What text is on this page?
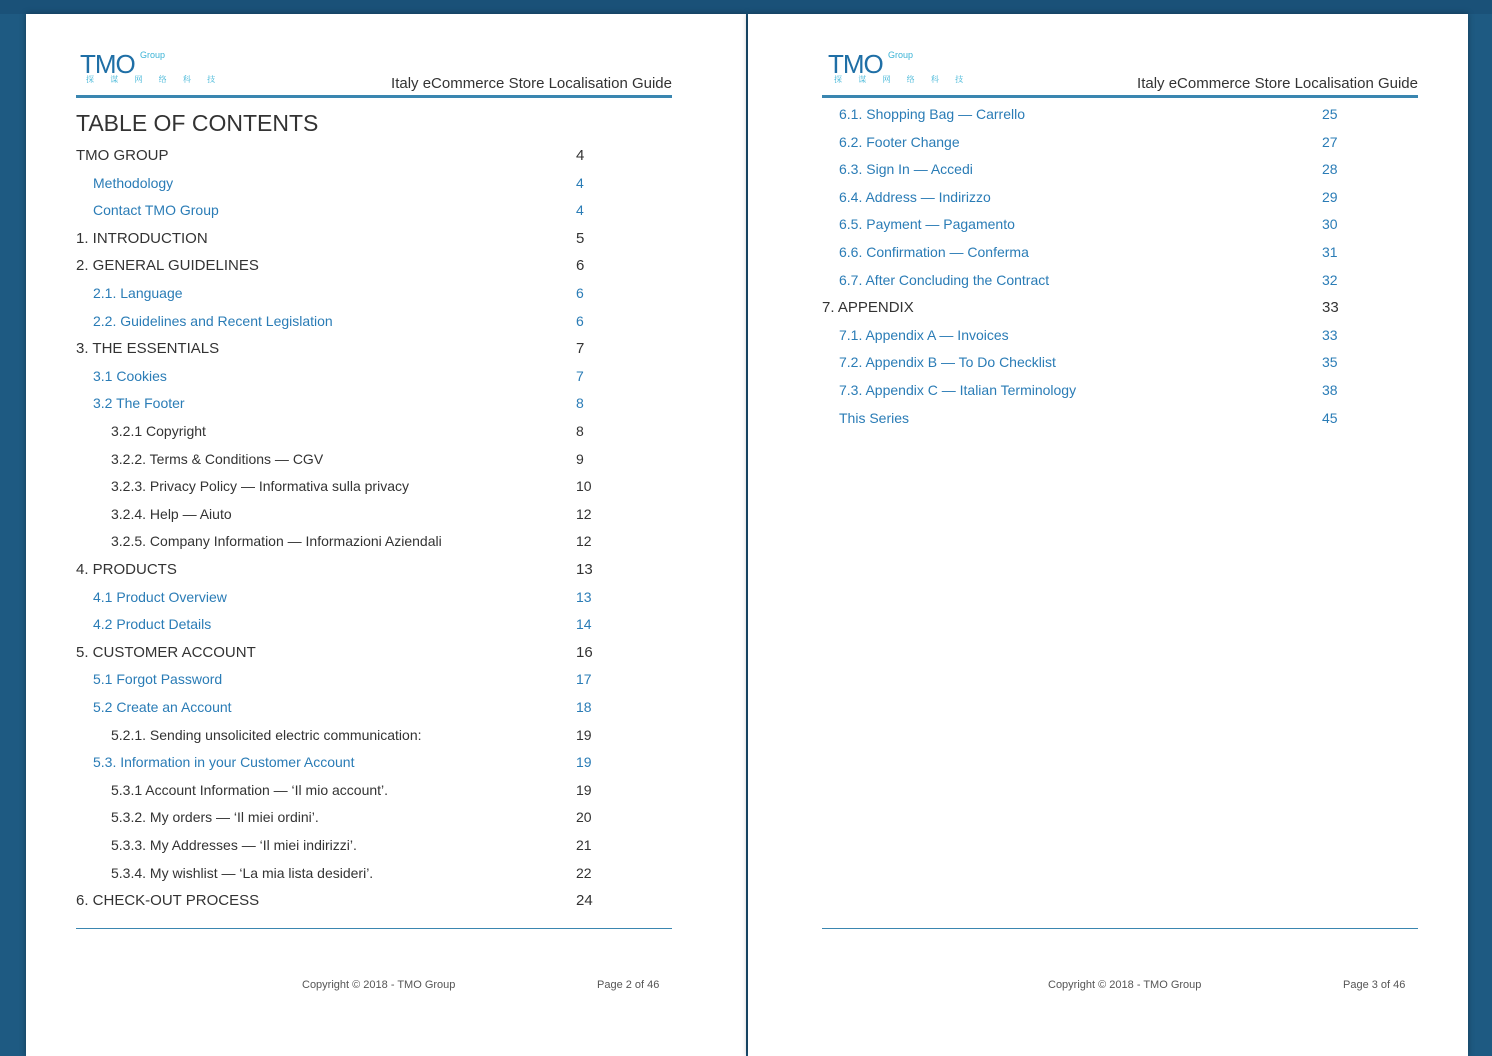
TMO Group
探 谋 网 络 科 技	Italy eCommerce Store Localisation Guide
TABLE OF CONTENTS
TMO GROUP	4
Methodology	4
Contact TMO Group	4
1. INTRODUCTION	5
2. GENERAL GUIDELINES	6
2.1. Language	6
2.2. Guidelines and Recent Legislation	6
3. THE ESSENTIALS	7
3.1 Cookies	7
3.2 The Footer	8
3.2.1 Copyright	8
3.2.2. Terms & Conditions — CGV	9
3.2.3. Privacy Policy — Informativa sulla privacy	10
3.2.4. Help — Aiuto	12
3.2.5. Company Information — Informazioni Aziendali	12
4. PRODUCTS	13
4.1 Product Overview	13
4.2 Product Details	14
5. CUSTOMER ACCOUNT	16
5.1 Forgot Password	17
5.2 Create an Account	18
5.2.1. Sending unsolicited electric communication:	19
5.3. Information in your Customer Account	19
5.3.1 Account Information — ‘Il mio account’.	19
5.3.2. My orders — ‘Il miei ordini’.	20
5.3.3. My Addresses — ‘Il miei indirizzi’.	21
5.3.4. My wishlist — ‘La mia lista desideri’.	22
6. CHECK-OUT PROCESS	24
Copyright © 2018 - TMO Group	Page 2 of 46
TMO Group
探 谋 网 络 科 技	Italy eCommerce Store Localisation Guide
6.1. Shopping Bag — Carrello	25
6.2. Footer Change	27
6.3. Sign In — Accedi	28
6.4. Address — Indirizzo	29
6.5. Payment — Pagamento	30
6.6. Confirmation — Conferma	31
6.7. After Concluding the Contract	32
7. APPENDIX	33
7.1. Appendix A — Invoices	33
7.2. Appendix B — To Do Checklist	35
7.3. Appendix C — Italian Terminology	38
This Series	45
Copyright © 2018 - TMO Group	Page 3 of 46
